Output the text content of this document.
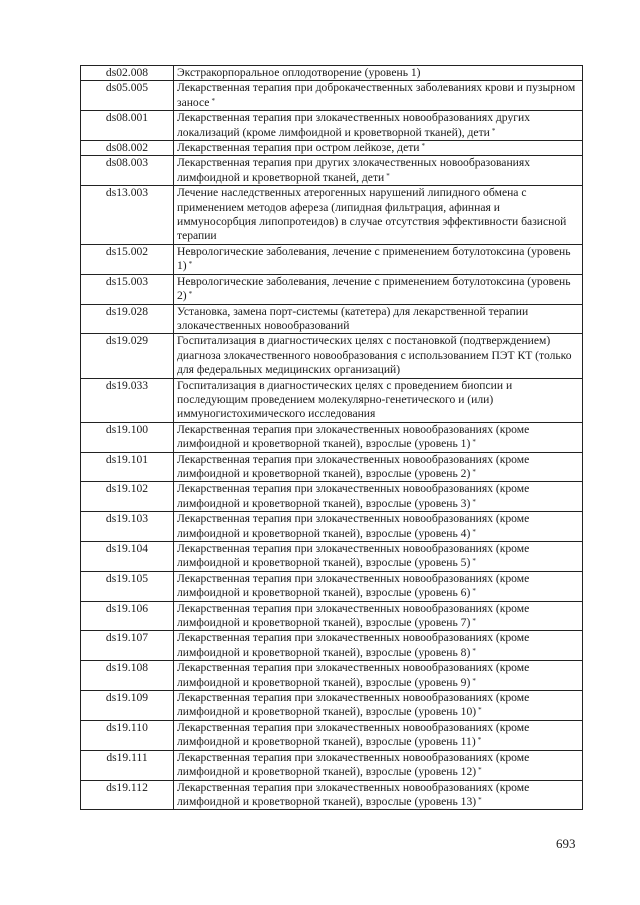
ds02.008	Экстракорпоральное оплодотворение (уровень 1)
ds05.005	Лекарственная терапия при доброкачественных заболеваниях крови и пузырном заносе *
ds08.001	Лекарственная терапия при злокачественных новообразованиях других локализаций (кроме лимфоидной и кроветворной тканей), дети *
ds08.002	Лекарственная терапия при остром лейкозе, дети *
ds08.003	Лекарственная терапия при других злокачественных новообразованиях лимфоидной и кроветворной тканей, дети *
ds13.003	Лечение наследственных атерогенных нарушений липидного обмена с применением методов афереза (липидная фильтрация, афинная и иммуносорбция липопротеидов) в случае отсутствия эффективности базисной терапии
ds15.002	Неврологические заболевания, лечение с применением ботулотоксина (уровень 1) *
ds15.003	Неврологические заболевания, лечение с применением ботулотоксина (уровень 2) *
ds19.028	Установка, замена порт-системы (катетера) для лекарственной терапии злокачественных новообразований
ds19.029	Госпитализация в диагностических целях с постановкой (подтверждением) диагноза злокачественного новообразования с использованием ПЭТ КТ (только для федеральных медицинских организаций)
ds19.033	Госпитализация в диагностических целях с проведением биопсии и последующим проведением молекулярно-генетического и (или) иммуногистохимического исследования
ds19.100	Лекарственная терапия при злокачественных новообразованиях (кроме лимфоидной и кроветворной тканей), взрослые (уровень 1) *
ds19.101	Лекарственная терапия при злокачественных новообразованиях (кроме лимфоидной и кроветворной тканей), взрослые (уровень 2) *
ds19.102	Лекарственная терапия при злокачественных новообразованиях (кроме лимфоидной и кроветворной тканей), взрослые (уровень 3) *
ds19.103	Лекарственная терапия при злокачественных новообразованиях (кроме лимфоидной и кроветворной тканей), взрослые (уровень 4) *
ds19.104	Лекарственная терапия при злокачественных новообразованиях (кроме лимфоидной и кроветворной тканей), взрослые (уровень 5) *
ds19.105	Лекарственная терапия при злокачественных новообразованиях (кроме лимфоидной и кроветворной тканей), взрослые (уровень 6) *
ds19.106	Лекарственная терапия при злокачественных новообразованиях (кроме лимфоидной и кроветворной тканей), взрослые (уровень 7) *
ds19.107	Лекарственная терапия при злокачественных новообразованиях (кроме лимфоидной и кроветворной тканей), взрослые (уровень 8) *
ds19.108	Лекарственная терапия при злокачественных новообразованиях (кроме лимфоидной и кроветворной тканей), взрослые (уровень 9) *
ds19.109	Лекарственная терапия при злокачественных новообразованиях (кроме лимфоидной и кроветворной тканей), взрослые (уровень 10) *
ds19.110	Лекарственная терапия при злокачественных новообразованиях (кроме лимфоидной и кроветворной тканей), взрослые (уровень 11) *
ds19.111	Лекарственная терапия при злокачественных новообразованиях (кроме лимфоидной и кроветворной тканей), взрослые (уровень 12) *
ds19.112	Лекарственная терапия при злокачественных новообразованиях (кроме лимфоидной и кроветворной тканей), взрослые (уровень 13) *
693
